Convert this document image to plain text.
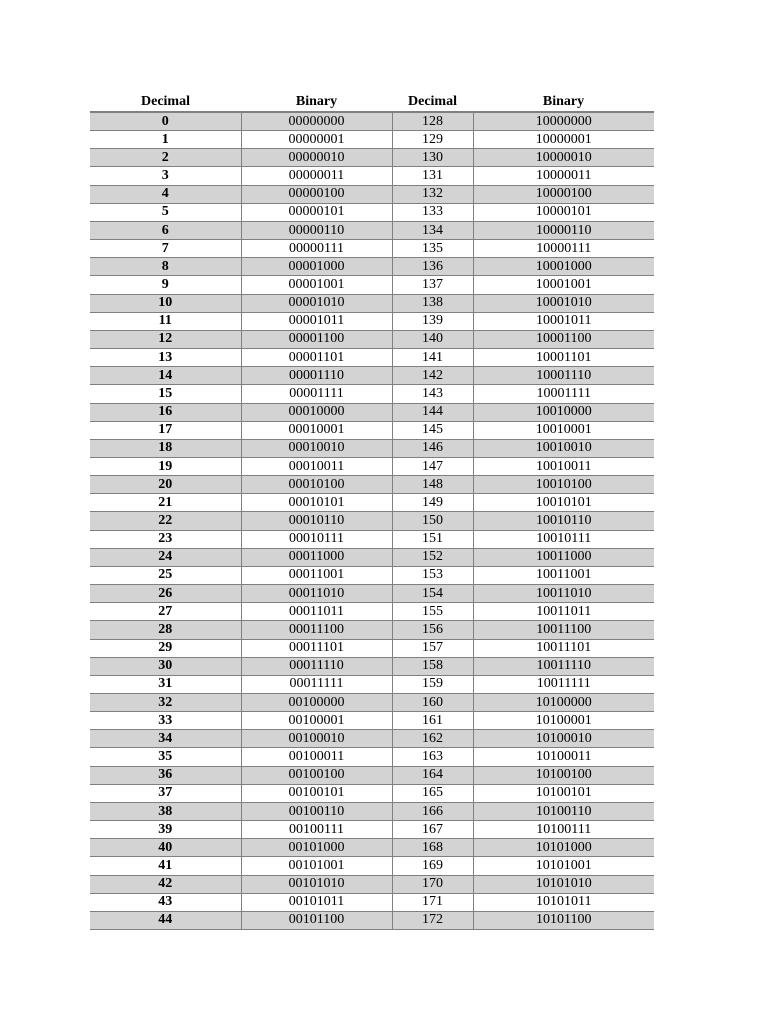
Decimal	Binary	Decimal	Binary
0	00000000	128	10000000
1	00000001	129	10000001
2	00000010	130	10000010
3	00000011	131	10000011
4	00000100	132	10000100
5	00000101	133	10000101
6	00000110	134	10000110
7	00000111	135	10000111
8	00001000	136	10001000
9	00001001	137	10001001
10	00001010	138	10001010
11	00001011	139	10001011
12	00001100	140	10001100
13	00001101	141	10001101
14	00001110	142	10001110
15	00001111	143	10001111
16	00010000	144	10010000
17	00010001	145	10010001
18	00010010	146	10010010
19	00010011	147	10010011
20	00010100	148	10010100
21	00010101	149	10010101
22	00010110	150	10010110
23	00010111	151	10010111
24	00011000	152	10011000
25	00011001	153	10011001
26	00011010	154	10011010
27	00011011	155	10011011
28	00011100	156	10011100
29	00011101	157	10011101
30	00011110	158	10011110
31	00011111	159	10011111
32	00100000	160	10100000
33	00100001	161	10100001
34	00100010	162	10100010
35	00100011	163	10100011
36	00100100	164	10100100
37	00100101	165	10100101
38	00100110	166	10100110
39	00100111	167	10100111
40	00101000	168	10101000
41	00101001	169	10101001
42	00101010	170	10101010
43	00101011	171	10101011
44	00101100	172	10101100
